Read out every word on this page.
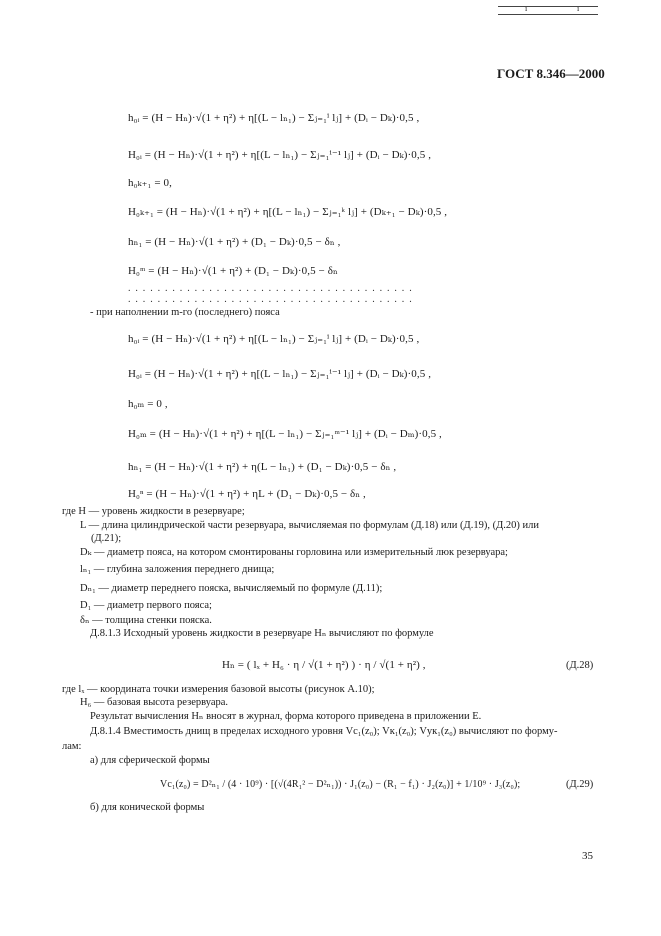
ı	ı
ГОСТ 8.346—2000
h₀ᵢ = (H − Hₙ)·√(1 + η²) + η[(L − lₙ₁) − Σⱼ₌₁ⁱ lⱼ] + (Dᵢ − Dₖ)·0,5 ,
H₀ᵢ = (H − Hₙ)·√(1 + η²) + η[(L − lₙ₁) − Σⱼ₌₁ⁱ⁻¹ lⱼ] + (Dᵢ − Dₖ)·0,5 ,
h₀ₖ₊₁ = 0,
H₀ₖ₊₁ = (H − Hₙ)·√(1 + η²) + η[(L − lₙ₁) − Σⱼ₌₁ᵏ lⱼ] + (Dₖ₊₁ − Dₖ)·0,5 ,
hₙ₁ = (H − Hₙ)·√(1 + η²) + (D₁ − Dₖ)·0,5 − δₙ ,
H₀ᵐ = (H − Hₙ)·√(1 + η²) + (D₁ − Dₖ)·0,5 − δₙ
. . . . . . . . . . . . . . . . . . . . . . . . . . . . . . . . . . . . . . .
. . . . . . . . . . . . . . . . . . . . . . . . . . . . . . . . . . . . . . .
- при наполнении m-го (последнего) пояса
h₀ᵢ = (H − Hₙ)·√(1 + η²) + η[(L − lₙ₁) − Σⱼ₌₁ⁱ lⱼ] + (Dᵢ − Dₖ)·0,5 ,
H₀ᵢ = (H − Hₙ)·√(1 + η²) + η[(L − lₙ₁) − Σⱼ₌₁ⁱ⁻¹ lⱼ] + (Dᵢ − Dₖ)·0,5 ,
h₀ₘ = 0 ,
H₀ₘ = (H − Hₙ)·√(1 + η²) + η[(L − lₙ₁) − Σⱼ₌₁ᵐ⁻¹ lⱼ] + (Dᵢ − Dₘ)·0,5 ,
hₙ₁ = (H − Hₙ)·√(1 + η²) + η(L − lₙ₁) + (D₁ − Dₖ)·0,5 − δₙ ,
H₀ⁿ = (H − Hₙ)·√(1 + η²) + ηL + (D₁ − Dₖ)·0,5 − δₙ ,
где H — уровень жидкости в резервуаре;
L — длина цилиндрической части резервуара, вычисляемая по формулам (Д.18) или (Д.19), (Д.20) или
(Д.21);
Dₖ — диаметр пояса, на котором смонтированы горловина или измерительный люк резервуара;
lₙ₁ — глубина заложения переднего днища;
Dₙ₁ — диаметр переднего пояска, вычисляемый по формуле (Д.11);
D₁ — диаметр первого пояса;
δₙ — толщина стенки пояска.
Д.8.1.3 Исходный уровень жидкости в резервуаре Hₙ вычисляют по формуле
Hₙ = ( lₓ + H₆ · η / √(1 + η²) ) · η / √(1 + η²) ,	(Д.28)
где lₓ — координата точки измерения базовой высоты (рисунок А.10);
H₆ — базовая высота резервуара.
Результат вычисления Hₙ вносят в журнал, форма которого приведена в приложении Е.
Д.8.1.4 Вместимость днищ в пределах исходного уровня Vc₁(z₀); Vк₁(z₀); Vук₁(z₀) вычисляют по форму-
лам:
а) для сферической формы
Vc₁(z₀) = D²ₙ₁ / (4 · 10⁹) · [(√(4R₁² − D²ₙ₁)) · J₁(z₀) − (R₁ − f₁) · J₂(z₀)] + 1/10⁹ · J₃(z₀);	(Д.29)
б) для конической формы
35
